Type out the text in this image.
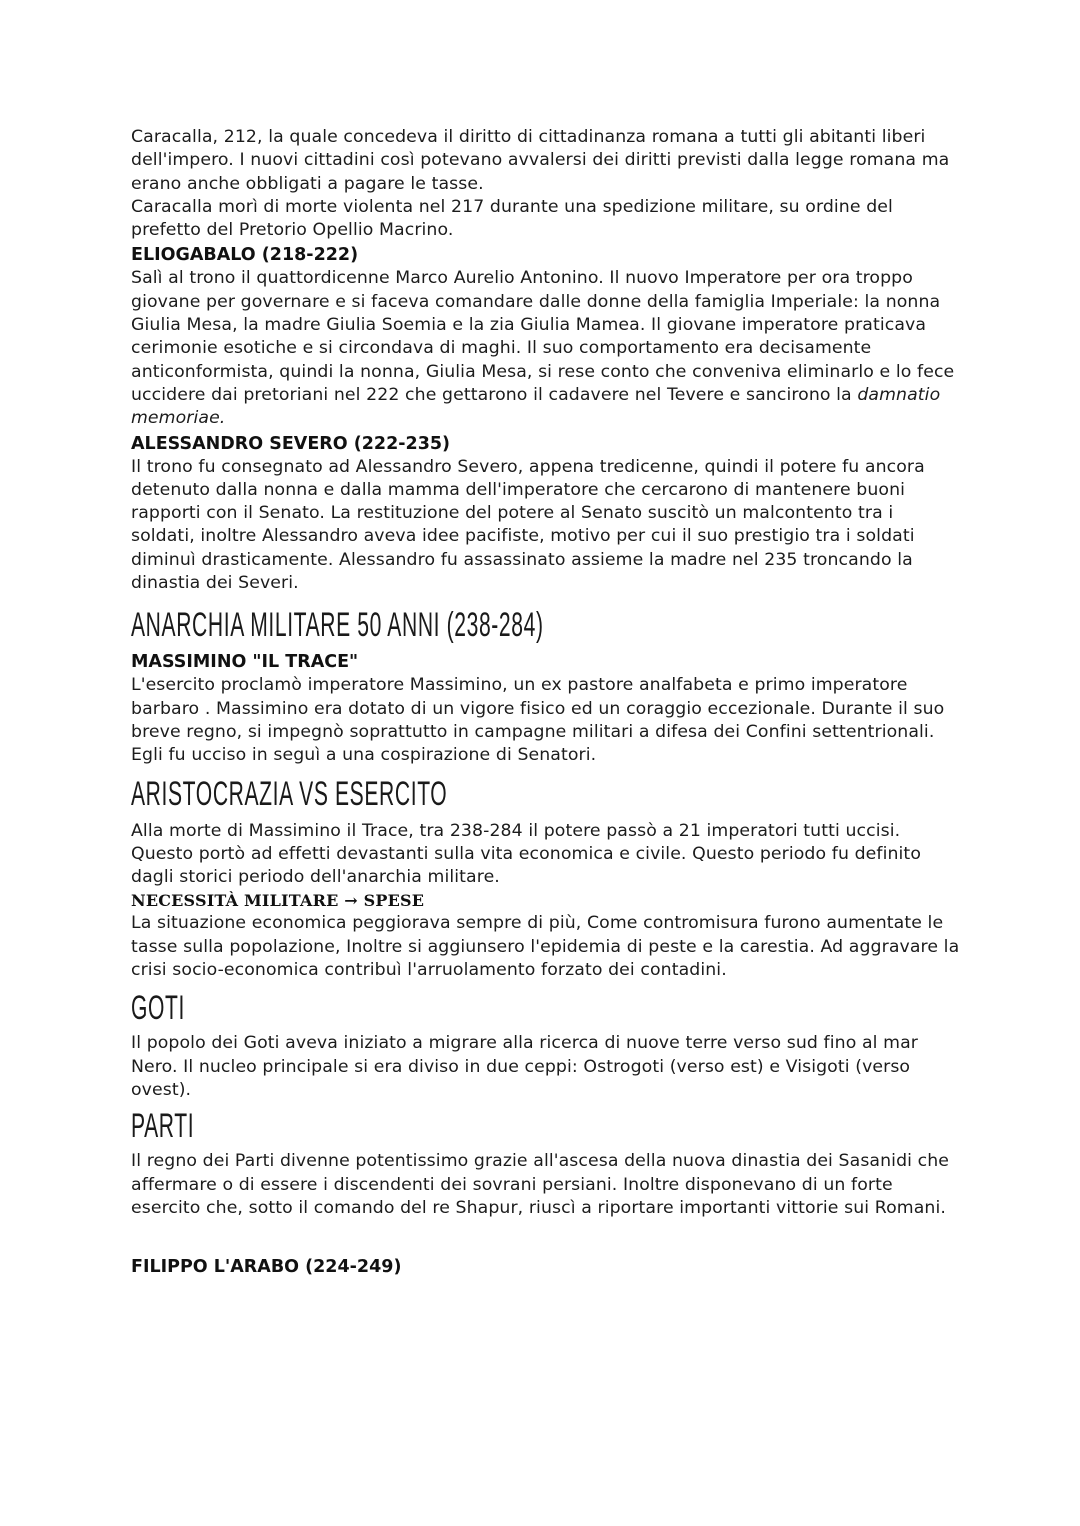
Caracalla, 212, la quale concedeva il diritto di cittadinanza romana a tutti gli abitanti liberi dell'impero. I nuovi cittadini così potevano avvalersi dei diritti previsti dalla legge romana ma erano anche obbligati a pagare le tasse.

Caracalla morì di morte violenta nel 217 durante una spedizione militare, su ordine del prefetto del Pretorio Opellio Macrino.

ELIOGABALO (218-222)

Salì al trono il quattordicenne Marco Aurelio Antonino. Il nuovo Imperatore per ora troppo giovane per governare e si faceva comandare dalle donne della famiglia Imperiale: la nonna Giulia Mesa, la madre Giulia Soemia e la zia Giulia Mamea. Il giovane imperatore praticava cerimonie esotiche e si circondava di maghi. Il suo comportamento era decisamente anticonformista, quindi la nonna, Giulia Mesa, si rese conto che conveniva eliminarlo e lo fece uccidere dai pretoriani nel 222 che gettarono il cadavere nel Tevere e sancirono la damnatio memoriae.

ALESSANDRO SEVERO (222-235)

Il trono fu consegnato ad Alessandro Severo, appena tredicenne, quindi il potere fu ancora detenuto dalla nonna e dalla mamma dell'imperatore che cercarono di mantenere buoni rapporti con il Senato. La restituzione del potere al Senato suscitò un malcontento tra i soldati, inoltre Alessandro aveva idee pacifiste, motivo per cui il suo prestigio tra i soldati diminuì drasticamente. Alessandro fu assassinato assieme la madre nel 235 troncando la dinastia dei Severi.

ANARCHIA MILITARE 50 ANNI (238-284)

MASSIMINO "IL TRACE"

L'esercito proclamò imperatore Massimino, un ex pastore analfabeta e primo imperatore barbaro . Massimino era dotato di un vigore fisico ed un coraggio eccezionale. Durante il suo breve regno, si impegnò soprattutto in campagne militari a difesa dei Confini settentrionali. Egli fu ucciso in seguì a una cospirazione di Senatori.

ARISTOCRAZIA VS ESERCITO

Alla morte di Massimino il Trace, tra 238-284 il potere passò a 21 imperatori tutti uccisi. Questo portò ad effetti devastanti sulla vita economica e civile. Questo periodo fu definito dagli storici periodo dell'anarchia militare.

NECESSITÀ MILITARE → SPESE

La situazione economica peggiorava sempre di più, Come contromisura furono aumentate le tasse sulla popolazione, Inoltre si aggiunsero l'epidemia di peste e la carestia. Ad aggravare la crisi socio-economica contribuì l'arruolamento forzato dei contadini.

GOTI

Il popolo dei Goti aveva iniziato a migrare alla ricerca di nuove terre verso sud fino al mar Nero. Il nucleo principale si era diviso in due ceppi: Ostrogoti (verso est) e Visigoti (verso ovest).

PARTI

Il regno dei Parti divenne potentissimo grazie all'ascesa della nuova dinastia dei Sasanidi che affermare o di essere i discendenti dei sovrani persiani. Inoltre disponevano di un forte esercito che, sotto il comando del re Shapur, riuscì a riportare importanti vittorie sui Romani.

FILIPPO L'ARABO (224-249)
